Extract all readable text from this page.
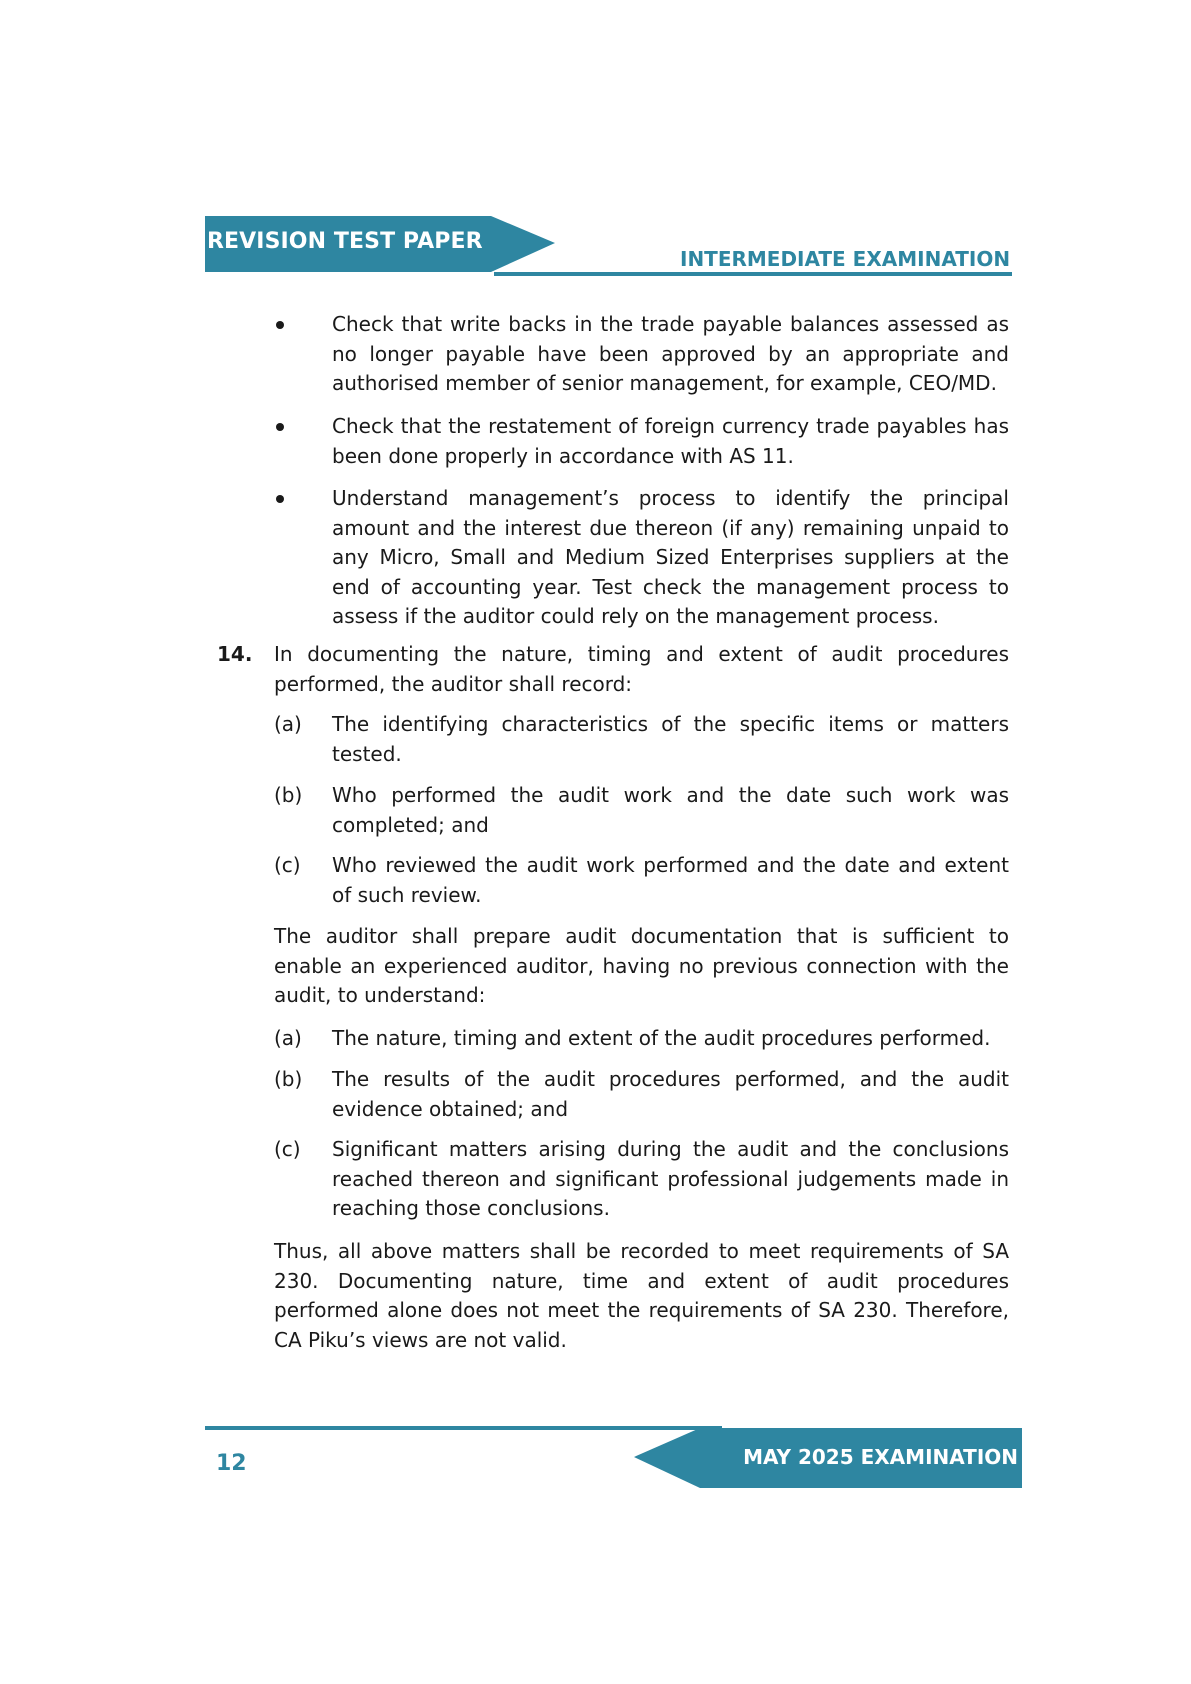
REVISION TEST PAPER
INTERMEDIATE EXAMINATION
Check that write backs in the trade payable balances assessed as no longer payable have been approved by an appropriate and authorised member of senior management, for example, CEO/MD.
Check that the restatement of foreign currency trade payables has been done properly in accordance with AS 11.
Understand management’s process to identify the principal amount and the interest due thereon (if any) remaining unpaid to any Micro, Small and Medium Sized Enterprises suppliers at the end of accounting year. Test check the management process to assess if the auditor could rely on the management process.
14. In documenting the nature, timing and extent of audit procedures performed, the auditor shall record:
(a) The identifying characteristics of the specific items or matters tested.
(b) Who performed the audit work and the date such work was completed; and
(c) Who reviewed the audit work performed and the date and extent of such review.
The auditor shall prepare audit documentation that is sufficient to enable an experienced auditor, having no previous connection with the audit, to understand:
(a) The nature, timing and extent of the audit procedures performed.
(b) The results of the audit procedures performed, and the audit evidence obtained; and
(c) Significant matters arising during the audit and the conclusions reached thereon and significant professional judgements made in reaching those conclusions.
Thus, all above matters shall be recorded to meet requirements of SA 230. Documenting nature, time and extent of audit procedures performed alone does not meet the requirements of SA 230. Therefore, CA Piku’s views are not valid.
MAY 2025 EXAMINATION
12
